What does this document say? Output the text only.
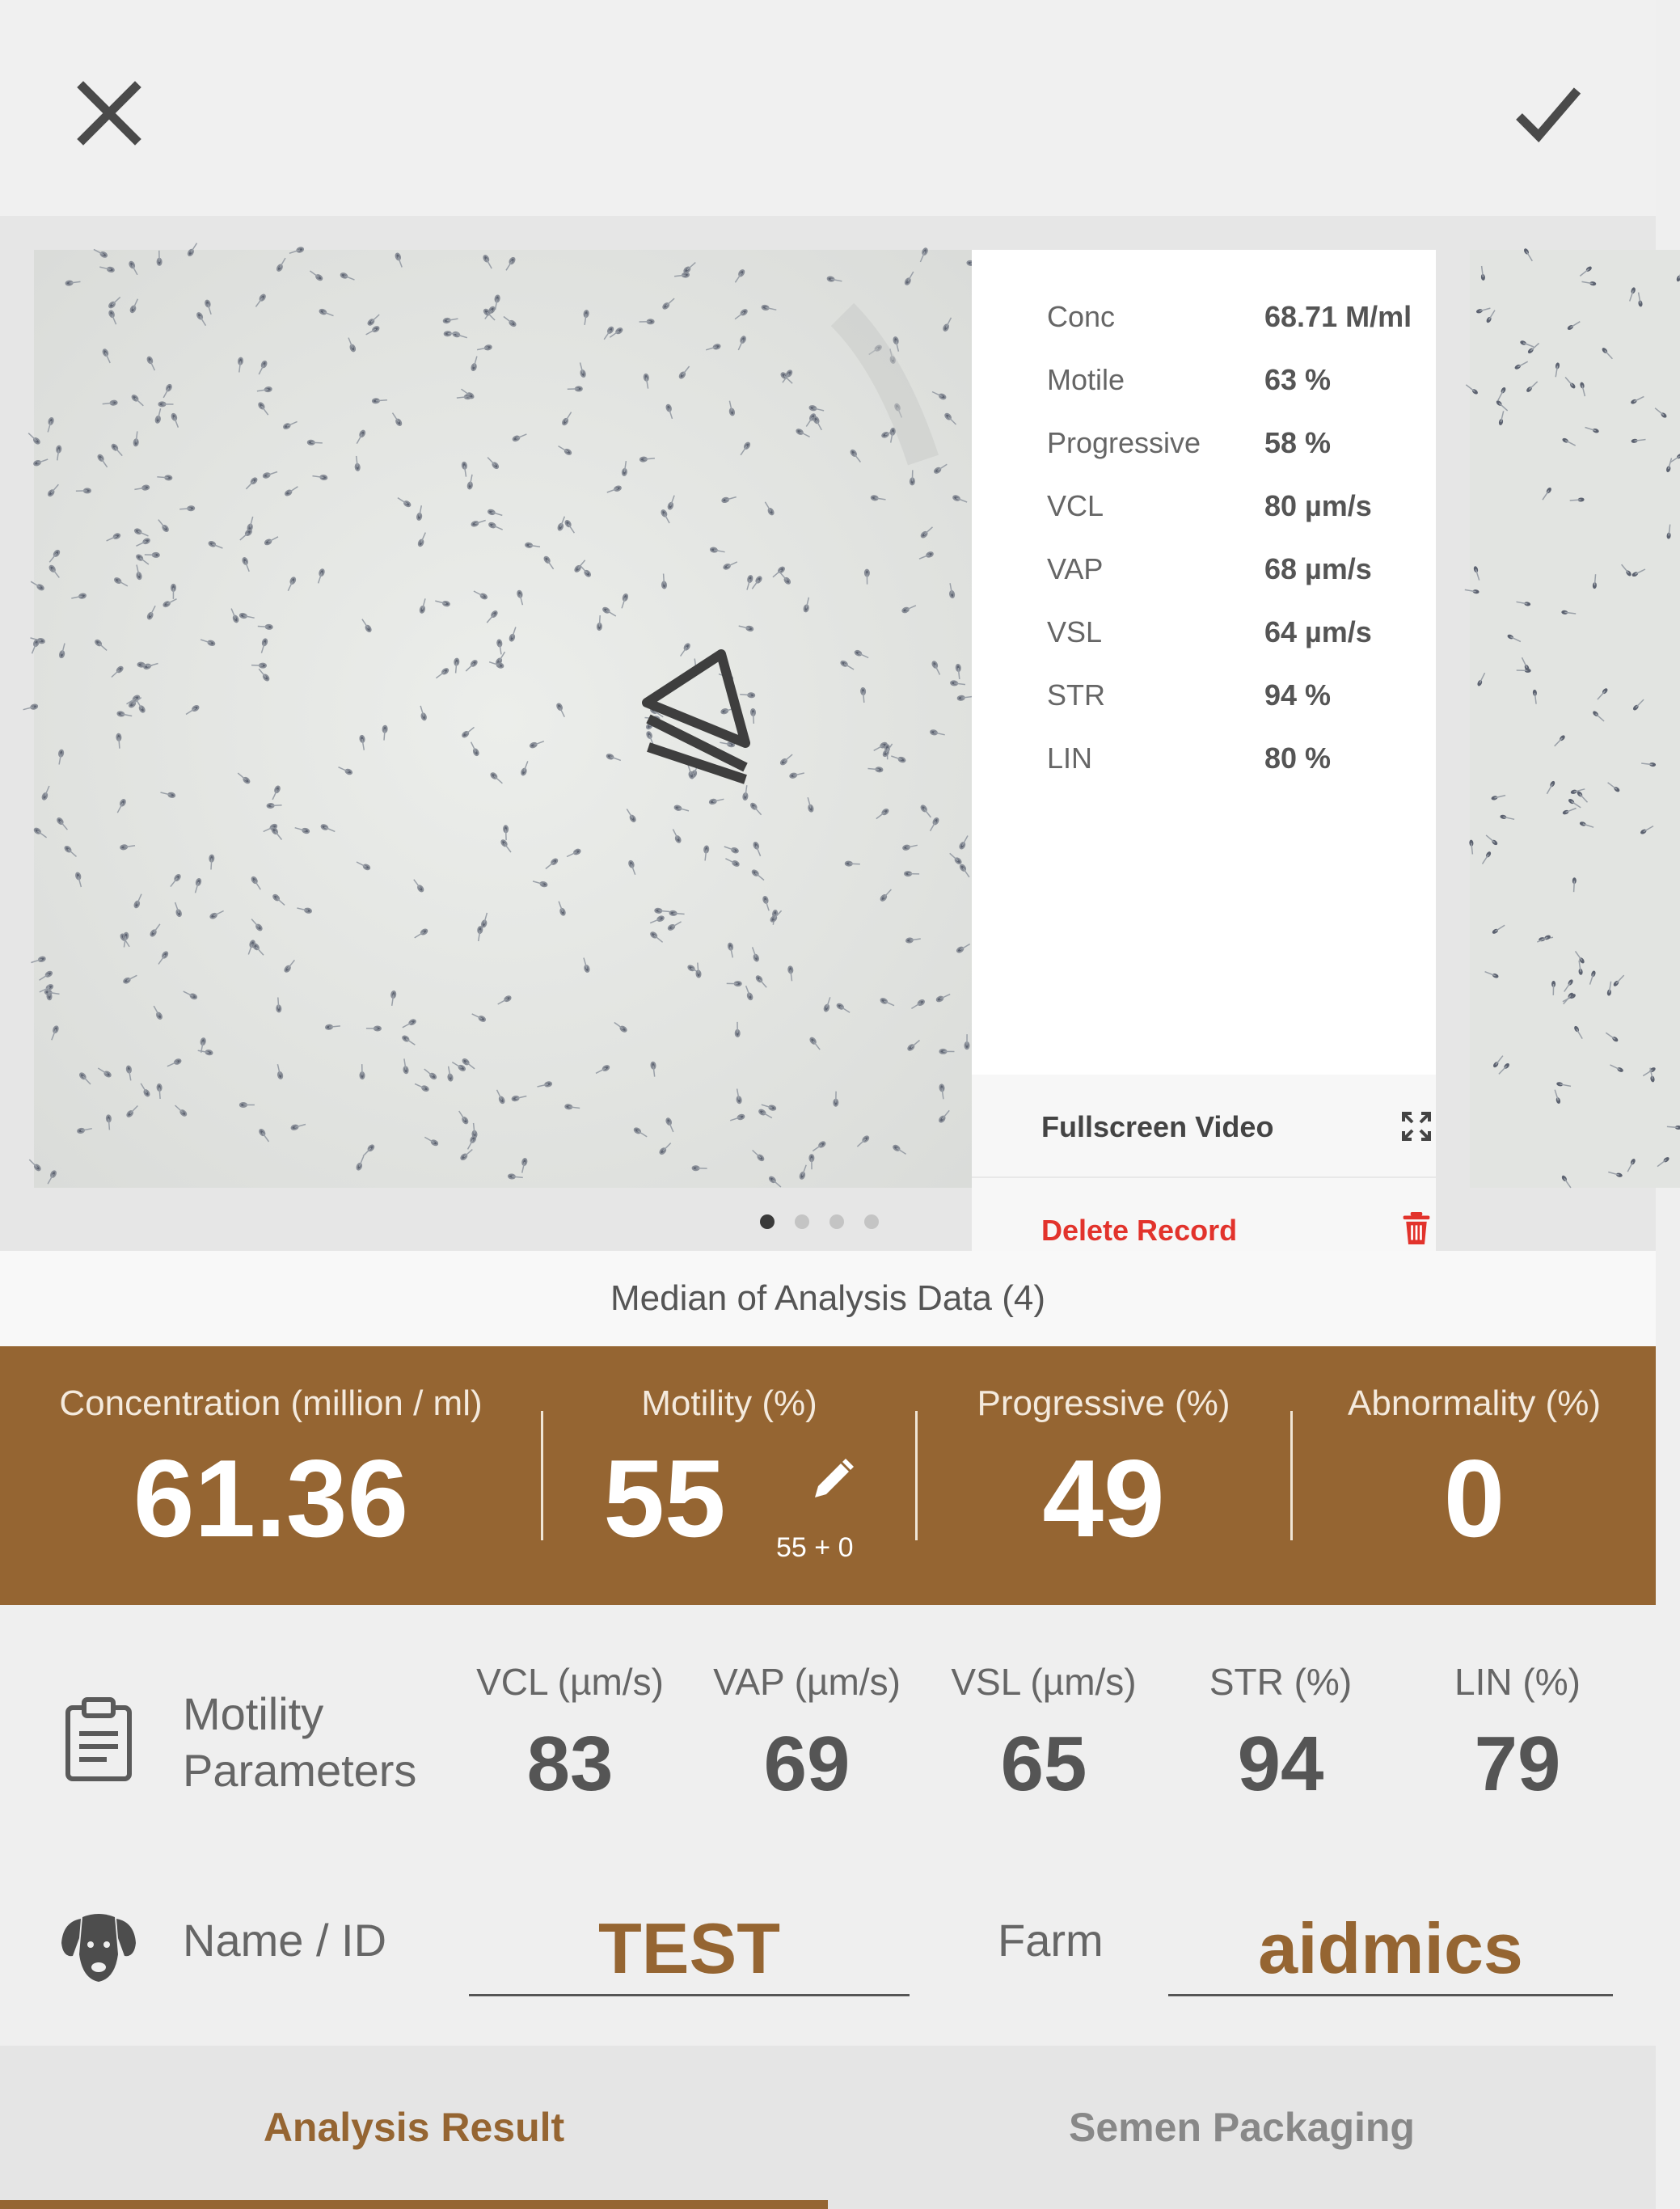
Conc	68.71 M/ml
Motile	63 %
Progressive 58 %
VCL	80 µm/s
VAP	68 µm/s
VSL	64 µm/s
STR	94 %
LIN	80 %
Fullscreen Video
Delete Record
Median of Analysis Data (4)
Concentration (million / ml)
61.36
Motility (%)
55
Progressive (%)
49
Abnormality (%)
0
55 + 0
Motility
Parameters
VCL (µm/s)
83
VAP (µm/s)
69
VSL (µm/s)
65
STR (%)
94
LIN (%)
79
Name / ID	TEST	Farm	aidmics
Analysis Result	Semen Packaging
